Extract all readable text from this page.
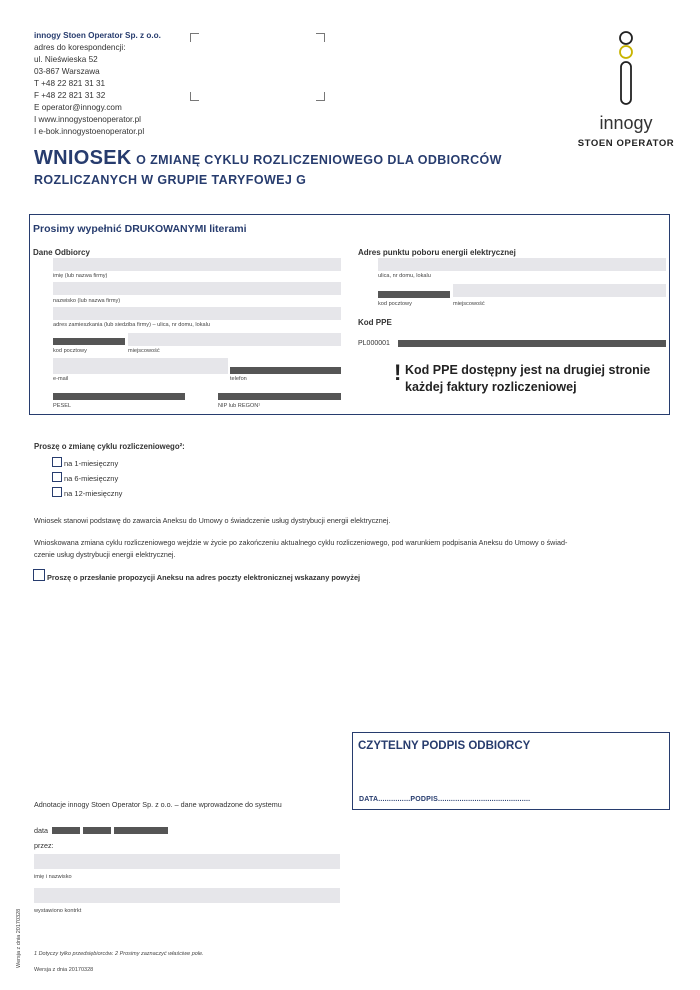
innogy Stoen Operator Sp. z o.o.
adres do korespondencji:
ul. Nieświeska 52
03-867 Warszawa
T +48 22 821 31 31
F +48 22 821 31 32
E operator@innogy.com
I www.innogystoenoperator.pl
I e-bok.innogystoenoperator.pl	innogy
STOEN OPERATOR
WNIOSEK O ZMIANĘ CYKLU ROZLICZENIOWEGO DLA ODBIORCÓW
ROZLICZANYCH W GRUPIE TARYFOWEJ G
Prosimy wypełnić DRUKOWANYMI literami
Dane Odbiorcy
imię (lub nazwa firmy)
nazwisko (lub nazwa firmy)
adres zamieszkania (lub siedziba firmy) – ulica, nr domu, lokalu
kod pocztowy	miejscowość
e-mail	telefon
PESEL	NIP lub REGON¹
Adres punktu poboru energii elektrycznej
ulica, nr domu, lokalu
kod pocztowy	miejscowość
Kod PPE
PL000001
! Kod PPE dostępny jest na drugiej stronie
każdej faktury rozliczeniowej
Proszę o zmianę cyklu rozliczeniowego²:
na 1-miesięczny
na 6-miesięczny
na 12-miesięczny
Wniosek stanowi podstawę do zawarcia Aneksu do Umowy o świadczenie usług dystrybucji energii elektrycznej.
Wnioskowana zmiana cyklu rozliczeniowego wejdzie w życie po zakończeniu aktualnego cyklu rozliczeniowego, pod warunkiem podpisania Aneksu do Umowy o świad-
czenie usług dystrybucji energii elektrycznej.
Proszę o przesłanie propozycji Aneksu na adres poczty elektronicznej wskazany powyżej
CZYTELNY PODPIS ODBIORCY
DATA...............PODPIS...........................................
Adnotacje innogy Stoen Operator Sp. z o.o. – dane wprowadzone do systemu
data
przez:
imię i nazwisko
wystawiono kontrkt
1 Dotyczy tylko przedsiębiorców. 2 Prosimy zaznaczyć właściwe pole.
Wersja z dnia 20170328
Wersja z dnia 20170328
